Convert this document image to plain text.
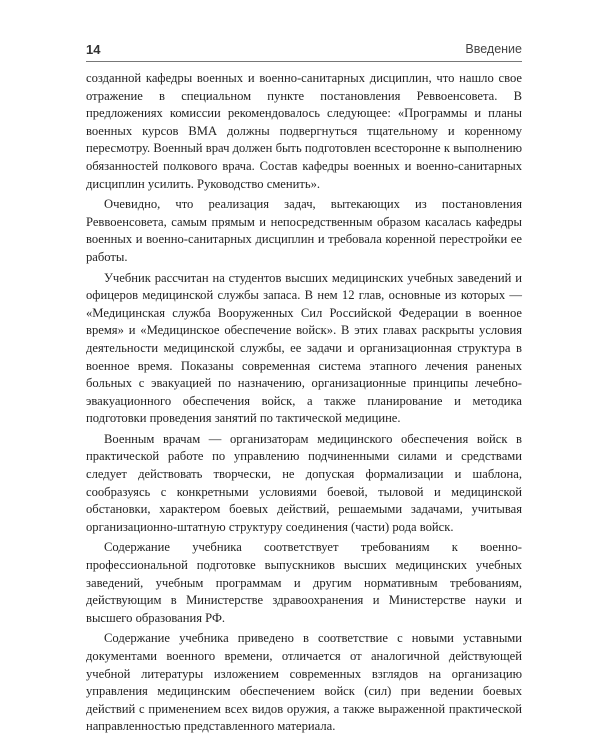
14	Введение

созданной кафедры военных и военно-санитарных дисциплин, что нашло свое отражение в специальном пункте постановления Реввоенсовета. В предложениях комиссии рекомендовалось следующее: «Программы и планы военных курсов ВМА должны подвергнуться тщательному и коренному пересмотру. Военный врач должен быть подготовлен всесторонне к выполнению обязанностей полкового врача. Состав кафедры военных и военно-санитарных дисциплин усилить. Руководство сменить».

Очевидно, что реализация задач, вытекающих из постановления Реввоенсовета, самым прямым и непосредственным образом касалась кафедры военных и военно-санитарных дисциплин и требовала коренной перестройки ее работы.

Учебник рассчитан на студентов высших медицинских учебных заведений и офицеров медицинской службы запаса. В нем 12 глав, основные из которых — «Медицинская служба Вооруженных Сил Российской Федерации в военное время» и «Медицинское обеспечение войск». В этих главах раскрыты условия деятельности медицинской службы, ее задачи и организационная структура в военное время. Показаны современная система этапного лечения раненых больных с эвакуацией по назначению, организационные принципы лечебно-эвакуационного обеспечения войск, а также планирование и методика подготовки проведения занятий по тактической медицине.

Военным врачам — организаторам медицинского обеспечения войск в практической работе по управлению подчиненными силами и средствами следует действовать творчески, не допуская формализации и шаблона, сообразуясь с конкретными условиями боевой, тыловой и медицинской обстановки, характером боевых действий, решаемыми задачами, учитывая организационно-штатную структуру соединения (части) рода войск.

Содержание учебника соответствует требованиям к военно-профессиональной подготовке выпускников высших медицинских учебных заведений, учебным программам и другим нормативным требованиям, действующим в Министерстве здравоохранения и Министерстве науки и высшего образования РФ.

Содержание учебника приведено в соответствие с новыми уставными документами военного времени, отличается от аналогичной действующей учебной литературы изложением современных взглядов на организацию управления медицинским обеспечением войск (сил) при ведении боевых действий с применением всех видов оружия, а также выраженной практической направленностью представленного материала.
